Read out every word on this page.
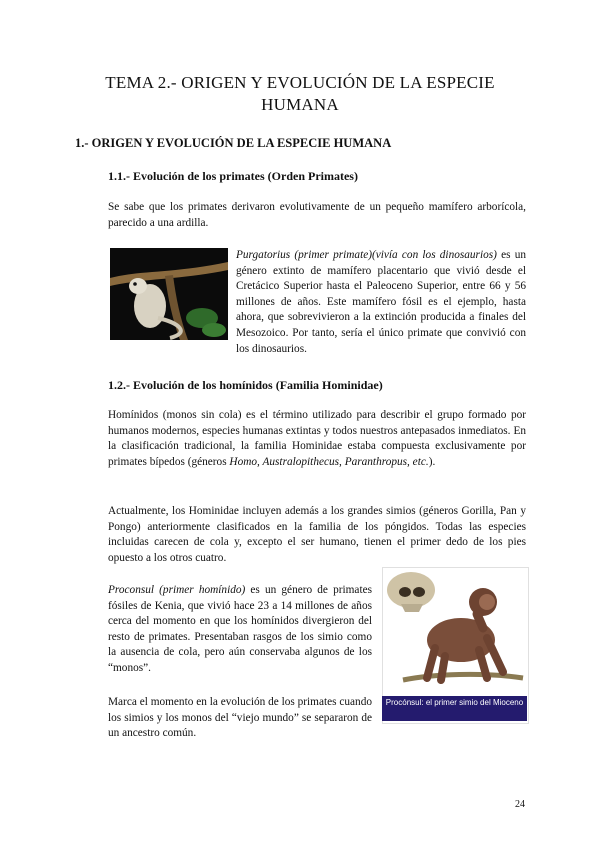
TEMA 2.- ORIGEN Y EVOLUCIÓN DE LA ESPECIE HUMANA
1.- ORIGEN Y EVOLUCIÓN DE LA ESPECIE HUMANA
1.1.- Evolución de los primates (Orden Primates)
Se sabe que los primates derivaron evolutivamente de un pequeño mamífero arborícola, parecido a una ardilla.
Purgatorius (primer primate)(vivía con los dinosaurios) es un género extinto de mamífero placentario que vivió desde el Cretácico Superior hasta el Paleoceno Superior, entre 66 y 56 millones de años. Este mamífero fósil es el ejemplo, hasta ahora, que sobrevivieron a la extinción producida a finales del Mesozoico. Por tanto, sería el único primate que convivió con los dinosaurios.
1.2.- Evolución de los homínidos (Familia Hominidae)
Homínidos (monos sin cola) es el término utilizado para describir el grupo formado por humanos modernos, especies humanas extintas y todos nuestros antepasados inmediatos. En la clasificación tradicional, la familia Hominidae estaba compuesta exclusivamente por primates bípedos (géneros Homo, Australopithecus, Paranthropus, etc.).
Actualmente, los Hominidae incluyen además a los grandes simios (géneros Gorilla, Pan y Pongo) anteriormente clasificados en la familia de los póngidos. Todas las especies incluidas carecen de cola y, excepto el ser humano, tienen el primer dedo de los pies opuesto a los otros cuatro.
Proconsul (primer homínido) es un género de primates fósiles de Kenia, que vivió hace 23 a 14 millones de años cerca del momento en que los homínidos divergieron del resto de primates. Presentaban rasgos de los simio como la ausencia de cola, pero aún conservaba algunos de los “monos”.
Marca el momento en la evolución de los primates cuando los simios y los monos del “viejo mundo” se separaron de un ancestro común.
Procónsul: el primer simio del Mioceno
24
